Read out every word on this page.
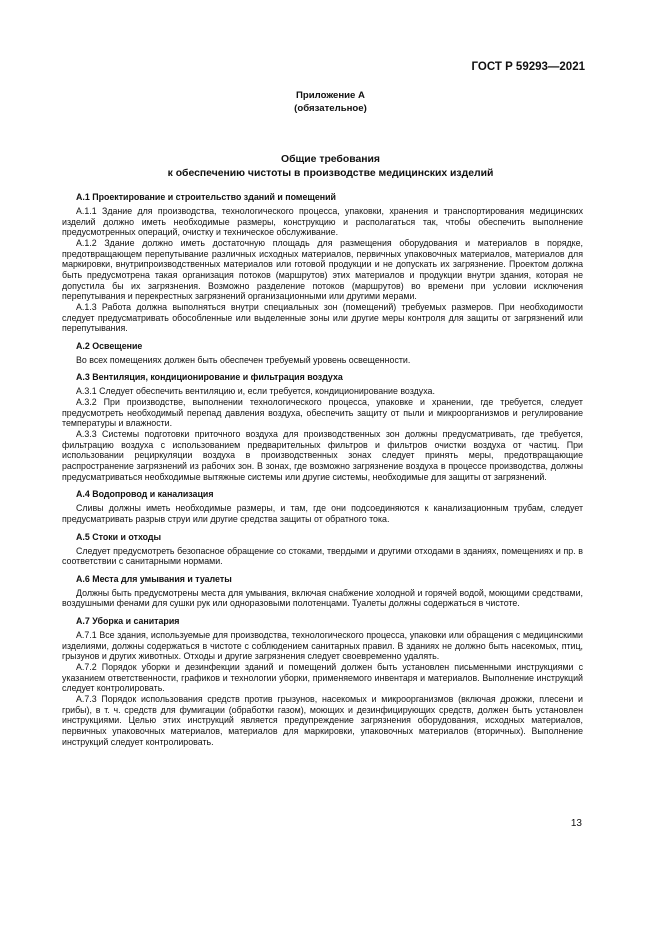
ГОСТ Р 59293—2021
Приложение А
(обязательное)
Общие требования
к обеспечению чистоты в производстве медицинских изделий
А.1 Проектирование и строительство зданий и помещений

А.1.1 Здание для производства, технологического процесса, упаковки, хранения и транспортирования медицинских изделий должно иметь необходимые размеры, конструкцию и располагаться так, чтобы обеспечить выполнение предусмотренных операций, очистку и техническое обслуживание.

А.1.2 Здание должно иметь достаточную площадь для размещения оборудования и материалов в порядке, предотвращающем перепутывание различных исходных материалов, первичных упаковочных материалов, материалов для маркировки, внутрипроизводственных материалов или готовой продукции и не допускать их загрязнение. Проектом должна быть предусмотрена такая организация потоков (маршрутов) этих материалов и продукции внутри здания, которая не допустила бы их загрязнения. Возможно разделение потоков (маршрутов) во времени при условии исключения перепутывания и перекрестных загрязнений организационными или другими мерами.

А.1.3 Работа должна выполняться внутри специальных зон (помещений) требуемых размеров. При необходимости следует предусматривать обособленные или выделенные зоны или другие меры контроля для защиты от загрязнений или перепутывания.

А.2 Освещение

Во всех помещениях должен быть обеспечен требуемый уровень освещенности.

А.3 Вентиляция, кондиционирование и фильтрация воздуха

А.3.1 Следует обеспечить вентиляцию и, если требуется, кондиционирование воздуха.

А.3.2 При производстве, выполнении технологического процесса, упаковке и хранении, где требуется, следует предусмотреть необходимый перепад давления воздуха, обеспечить защиту от пыли и микроорганизмов и регулирование температуры и влажности.

А.3.3 Системы подготовки приточного воздуха для производственных зон должны предусматривать, где требуется, фильтрацию воздуха с использованием предварительных фильтров и фильтров очистки воздуха от частиц. При использовании рециркуляции воздуха в производственных зонах следует принять меры, предотвращающие распространение загрязнений из рабочих зон. В зонах, где возможно загрязнение воздуха в процессе производства, должны предусматриваться необходимые вытяжные системы или другие системы, необходимые для защиты от загрязнений.

А.4 Водопровод и канализация

Сливы должны иметь необходимые размеры, и там, где они подсоединяются к канализационным трубам, следует предусматривать разрыв струи или другие средства защиты от обратного тока.

А.5 Стоки и отходы

Следует предусмотреть безопасное обращение со стоками, твердыми и другими отходами в зданиях, помещениях и пр. в соответствии с санитарными нормами.

А.6 Места для умывания и туалеты

Должны быть предусмотрены места для умывания, включая снабжение холодной и горячей водой, моющими средствами, воздушными фенами для сушки рук или одноразовыми полотенцами. Туалеты должны содержаться в чистоте.

А.7 Уборка и санитария

А.7.1 Все здания, используемые для производства, технологического процесса, упаковки или обращения с медицинскими изделиями, должны содержаться в чистоте с соблюдением санитарных правил. В зданиях не должно быть насекомых, птиц, грызунов и других животных. Отходы и другие загрязнения следует своевременно удалять.

А.7.2 Порядок уборки и дезинфекции зданий и помещений должен быть установлен письменными инструкциями с указанием ответственности, графиков и технологии уборки, применяемого инвентаря и материалов. Выполнение инструкций следует контролировать.

А.7.3 Порядок использования средств против грызунов, насекомых и микроорганизмов (включая дрожжи, плесени и грибы), в т. ч. средств для фумигации (обработки газом), моющих и дезинфицирующих средств, должен быть установлен инструкциями. Целью этих инструкций является предупреждение загрязнения оборудования, исходных материалов, первичных упаковочных материалов, материалов для маркировки, упаковочных материалов (вторичных). Выполнение инструкций следует контролировать.

13
